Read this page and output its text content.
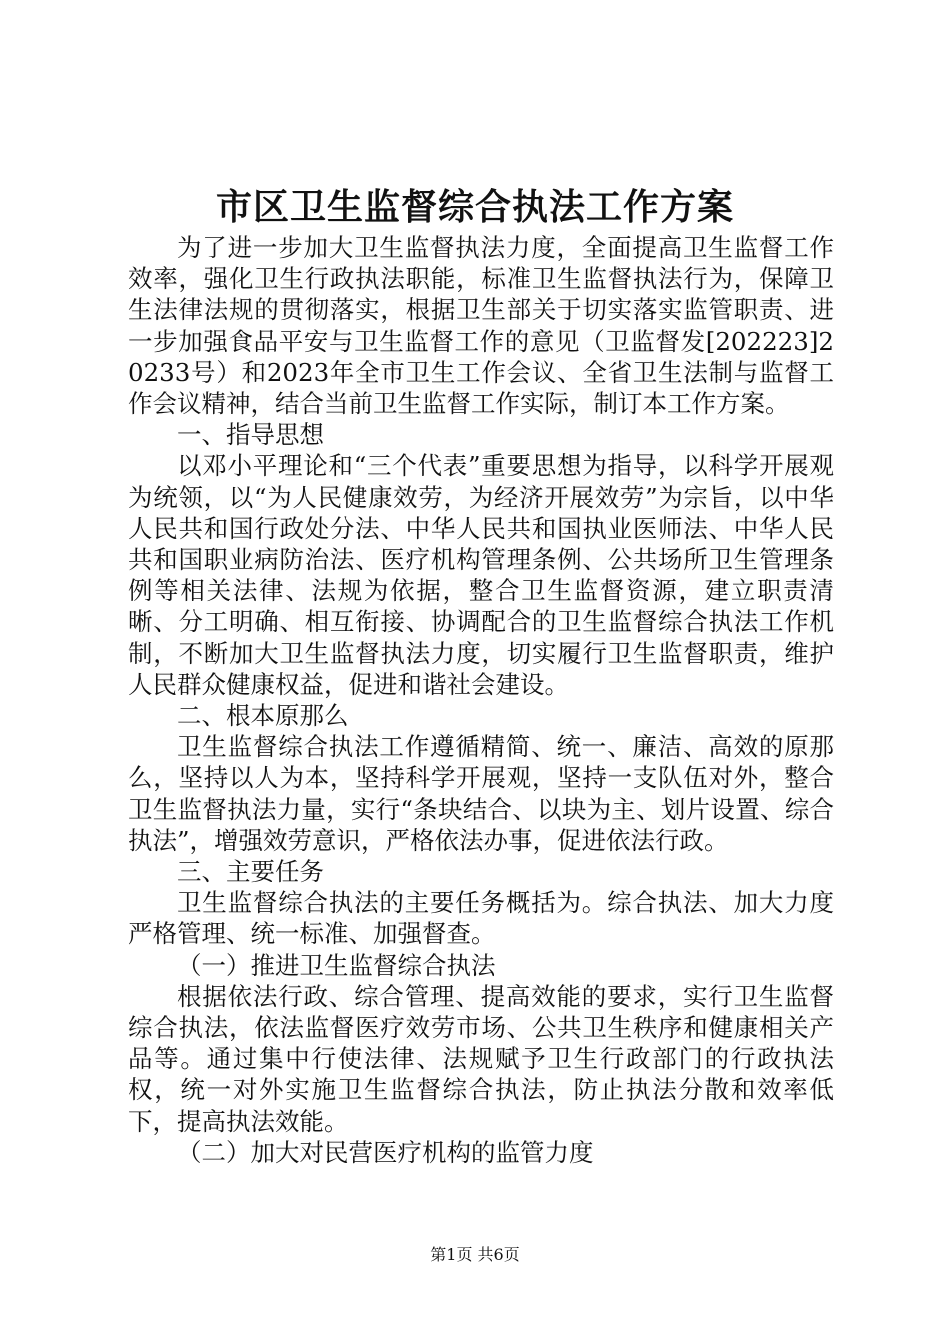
市区卫生监督综合执法工作方案

为了进一步加大卫生监督执法力度，全面提高卫生监督工作效率，强化卫生行政执法职能，标准卫生监督执法行为，保障卫生法律法规的贯彻落实，根据卫生部关于切实落实监管职责、进一步加强食品平安与卫生监督工作的意见（卫监督发[202223]20233号）和2023年全市卫生工作会议、全省卫生法制与监督工作会议精神，结合当前卫生监督工作实际，制订本工作方案。

一、指导思想

以邓小平理论和“三个代表”重要思想为指导，以科学开展观为统领，以“为人民健康效劳，为经济开展效劳”为宗旨，以中华人民共和国行政处分法、中华人民共和国执业医师法、中华人民共和国职业病防治法、医疗机构管理条例、公共场所卫生管理条例等相关法律、法规为依据，整合卫生监督资源，建立职责清晰、分工明确、相互衔接、协调配合的卫生监督综合执法工作机制，不断加大卫生监督执法力度，切实履行卫生监督职责，维护人民群众健康权益，促进和谐社会建设。

二、根本原那么

卫生监督综合执法工作遵循精简、统一、廉洁、高效的原那么，坚持以人为本，坚持科学开展观，坚持一支队伍对外，整合卫生监督执法力量，实行“条块结合、以块为主、划片设置、综合执法”，增强效劳意识，严格依法办事，促进依法行政。

三、主要任务

卫生监督综合执法的主要任务概括为。综合执法、加大力度严格管理、统一标准、加强督查。

（一）推进卫生监督综合执法

根据依法行政、综合管理、提高效能的要求，实行卫生监督综合执法，依法监督医疗效劳市场、公共卫生秩序和健康相关产品等。通过集中行使法律、法规赋予卫生行政部门的行政执法权，统一对外实施卫生监督综合执法，防止执法分散和效率低下，提高执法效能。

（二）加大对民营医疗机构的监管力度

第1页 共6页
